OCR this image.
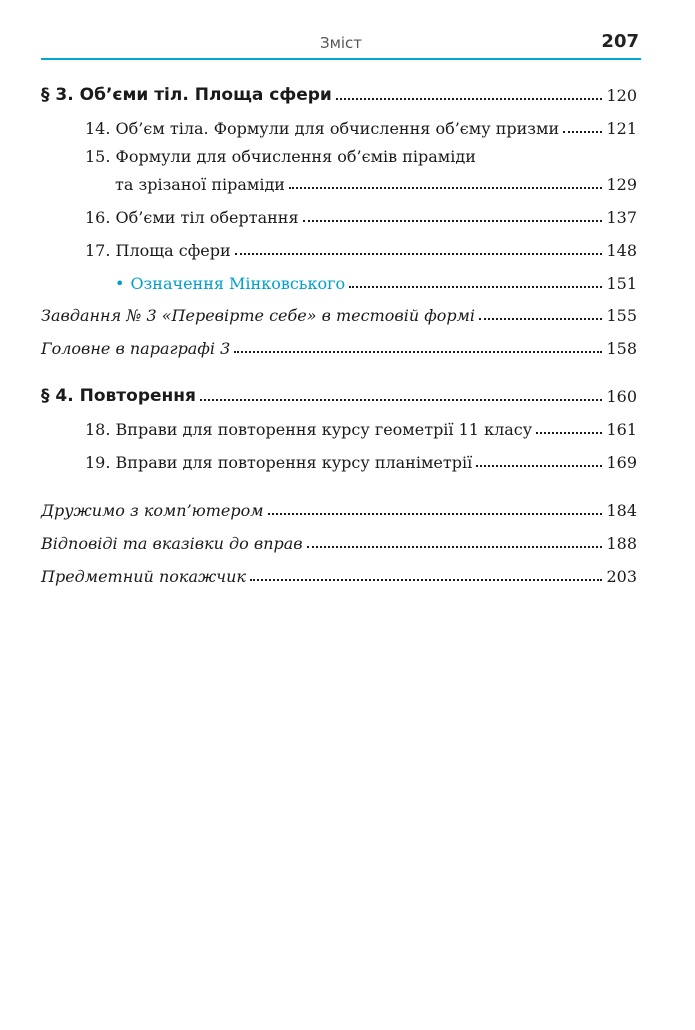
Зміст	207
§ 3. Об’єми тіл. Площа сфери	120
14. Об’єм тіла. Формули для обчислення об’єму призми	121
15. Формули для обчислення об’ємів піраміди
та зрізаної піраміди	129
16. Об’єми тіл обертання	137
17. Площа сфери	148
• Означення Мінковського	151
Завдання № 3 «Перевірте себе» в тестовій формі	155
Головне в параграфі 3	158
§ 4. Повторення	160
18. Вправи для повторення курсу геометрії 11 класу	161
19. Вправи для повторення курсу планіметрії	169
Дружимо з комп’ютером	184
Відповіді та вказівки до вправ	188
Предметний покажчик	203
